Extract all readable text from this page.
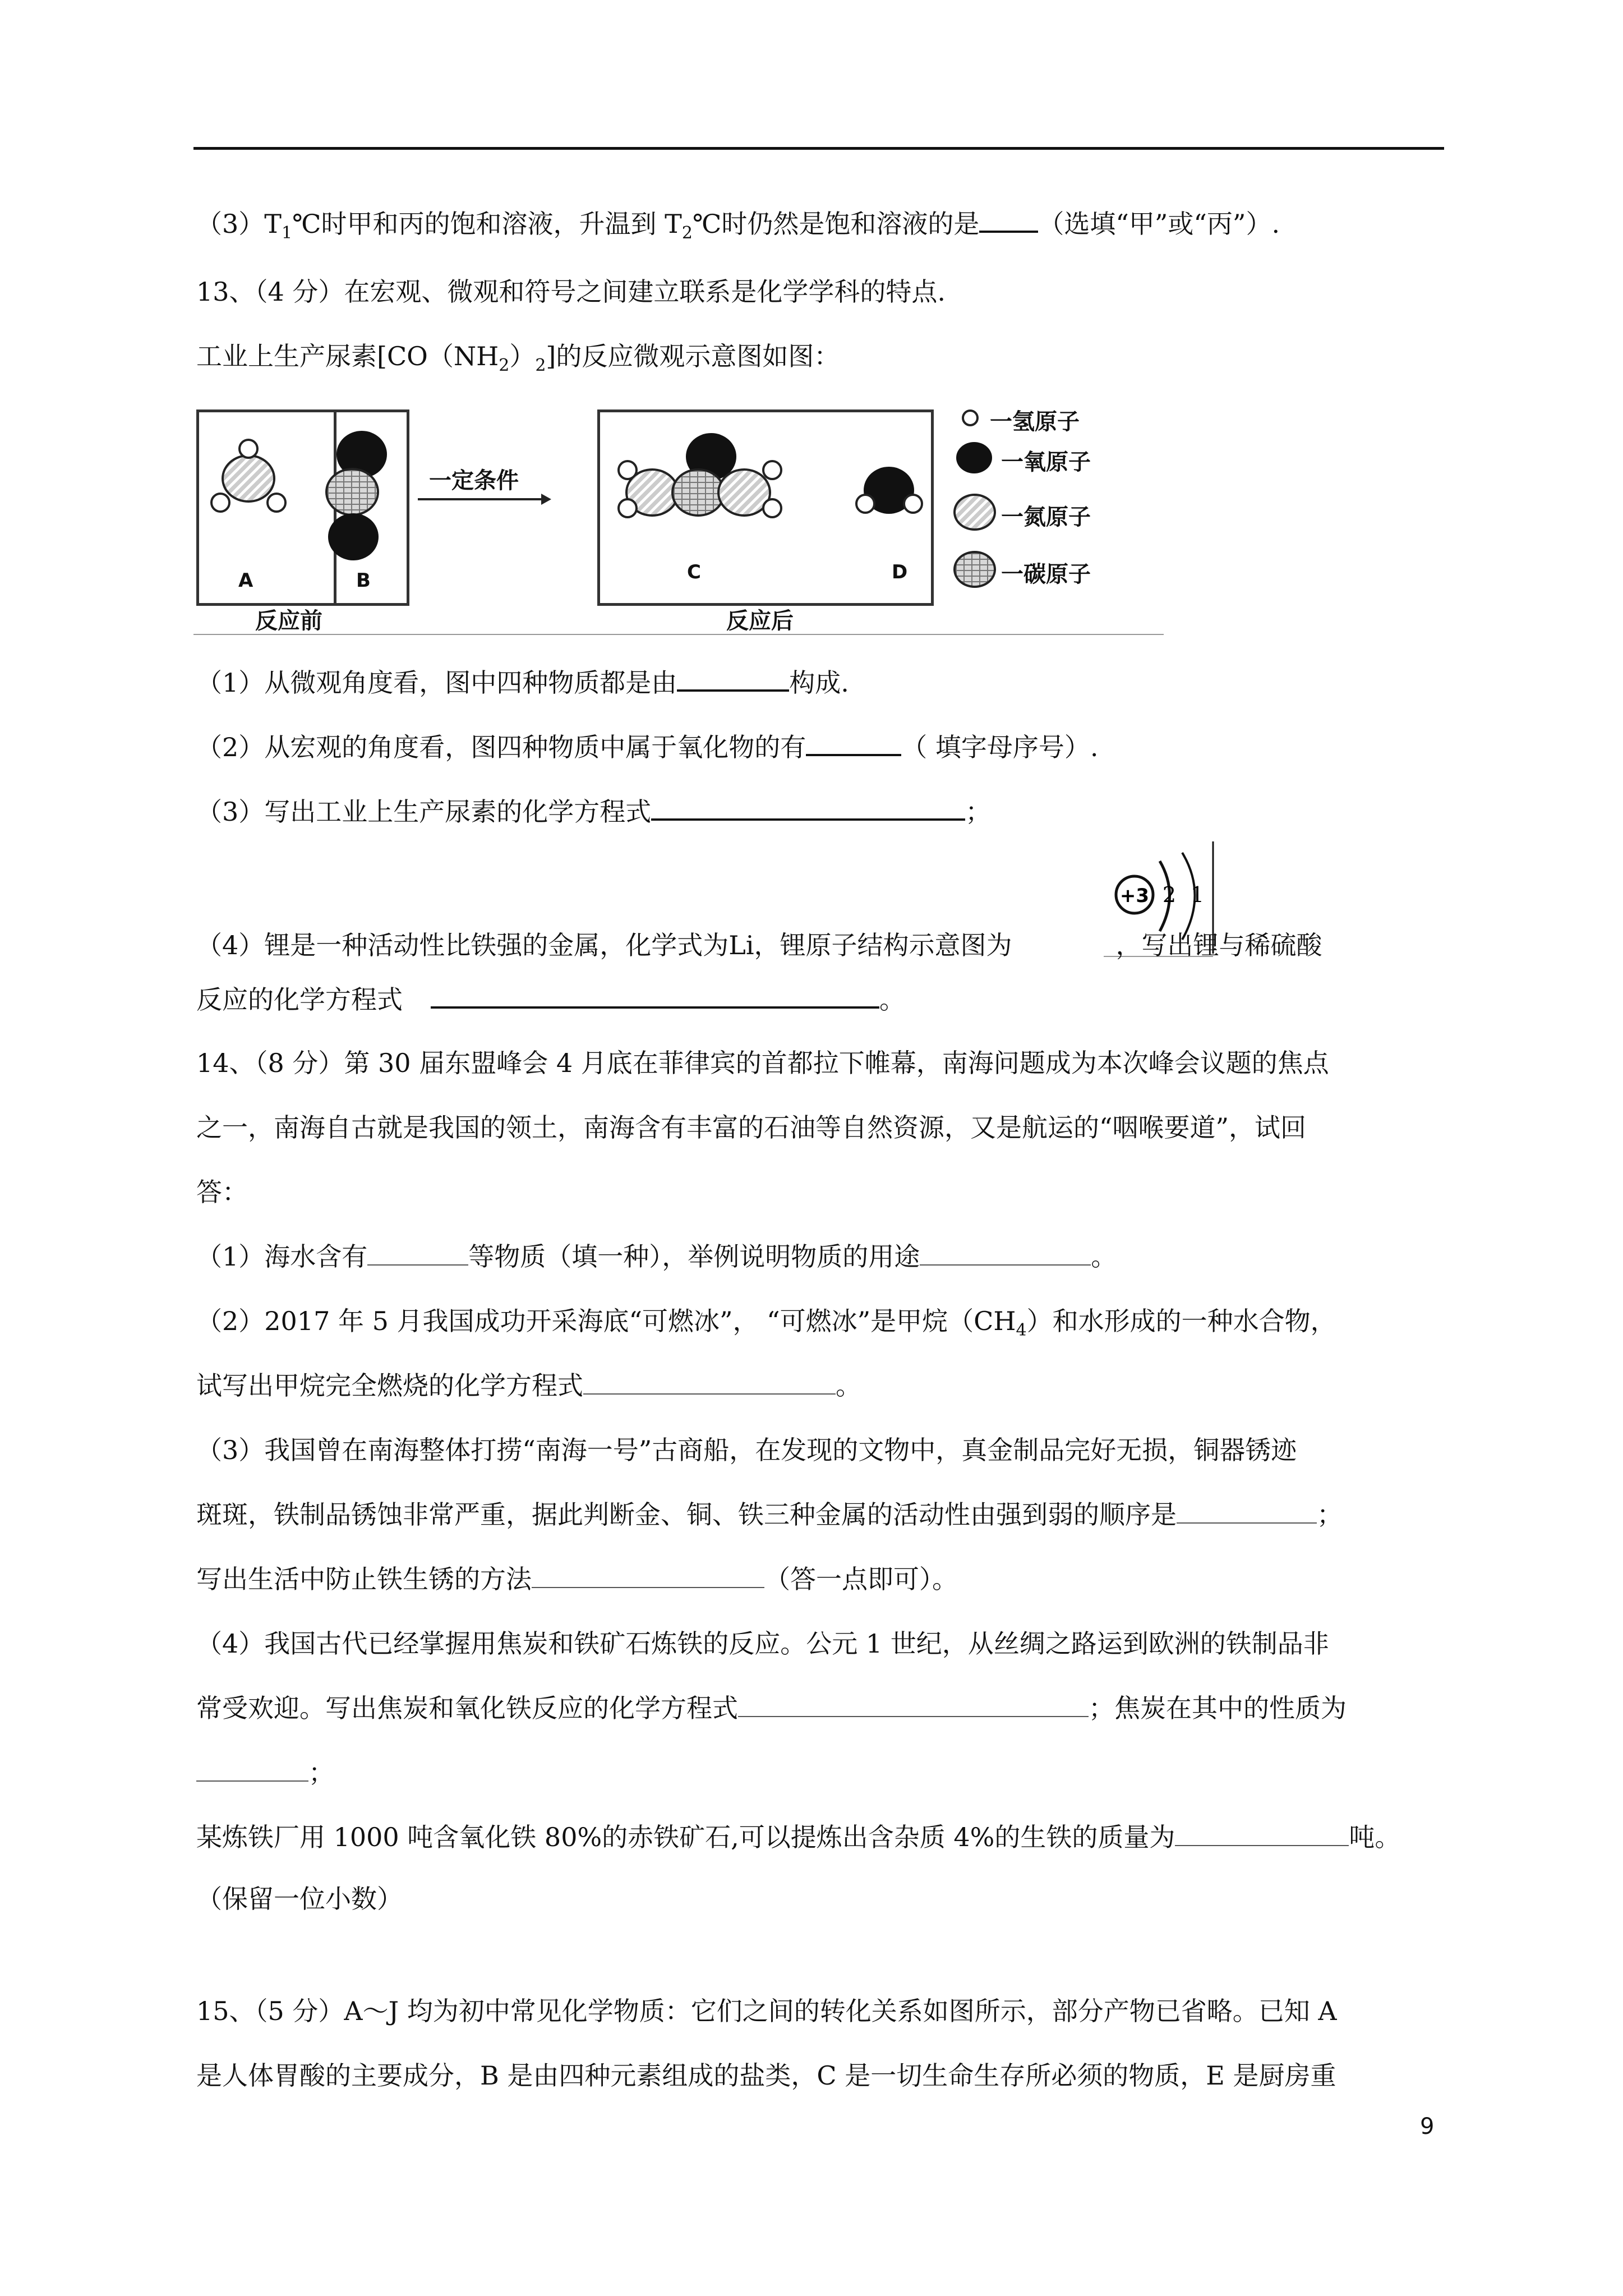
$(3)T_1℃$时甲和丙的饱和溶液，升温到 $T_2℃$时仍然是饱和溶液的是 （选填“甲”或“丙”）.
13、（4 分）在宏观、微观和符号之间建立联系是化学学科的特点.
工业上生产尿素$[CO(NH_2)_2]$的反应微观示意图如图：
A	B
一定条件
C	D
反应前	反应后
一氢原子
一氧原子
一氮原子
一碳原子
（1）从微观角度看，图中四种物质都是由	构成.
（2）从宏观的角度看，图四种物质中属于氧化物的有	（ 填字母序号）.
（3）写出工业上生产尿素的化学方程式	；
+3 2 1
（4）锂是一种活动性比铁强的金属，化学式为Li，锂原子结构示意图为	，写出锂与稀硫酸
反应的化学方程式	。
14、（8 分）第 30 届东盟峰会 4 月底在菲律宾的首都拉下帷幕，南海问题成为本次峰会议题的焦点
之一，南海自古就是我国的领土，南海含有丰富的石油等自然资源，又是航运的“咽喉要道”，试回
答：
（1）海水含有	等物质（填一种），举例说明物质的用途	。
（2）2017 年 5 月我国成功开采海底“可燃冰”， “可燃冰”是甲烷$(CH_4)$和水形成的一种水合物，
试写出甲烷完全燃烧的化学方程式	。
（3）我国曾在南海整体打捞“南海一号”古商船，在发现的文物中，真金制品完好无损，铜器锈迹
斑斑，铁制品锈蚀非常严重，据此判断金、铜、铁三种金属的活动性由强到弱的顺序是	；
写出生活中防止铁生锈的方法	（答一点即可）。
（4）我国古代已经掌握用焦炭和铁矿石炼铁的反应。公元 1 世纪，从丝绸之路运到欧洲的铁制品非
常受欢迎。写出焦炭和氧化铁反应的化学方程式	；焦炭在其中的性质为
；
某炼铁厂用 1000 吨含氧化铁 80%的赤铁矿石,可以提炼出含杂质 4%的生铁的质量为	吨。
（保留一位小数）
15、（5 分）A～J 均为初中常见化学物质：它们之间的转化关系如图所示，部分产物已省略。已知 A
是人体胃酸的主要成分，B 是由四种元素组成的盐类，C 是一切生命生存所必须的物质，E 是厨房重
9
